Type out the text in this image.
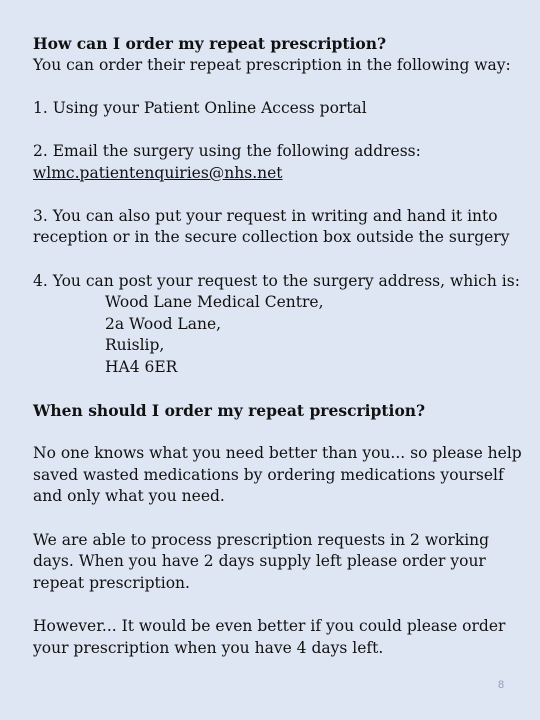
How can I order my repeat prescription?
You can order their repeat prescription in the following way:
1. Using your Patient Online Access portal
2. Email the surgery using the following address:
wlmc.patientenquiries@nhs.net
3. You can also put your request in writing and hand it into
reception or in the secure collection box outside the surgery
4. You can post your request to the surgery address, which is:
Wood Lane Medical Centre,
2a Wood Lane,
Ruislip,
HA4 6ER
When should I order my repeat prescription?
No one knows what you need better than you... so please help
saved wasted medications by ordering medications yourself
and only what you need.
We are able to process prescription requests in 2 working
days. When you have 2 days supply left please order your
repeat prescription.
However... It would be even better if you could please order
your prescription when you have 4 days left.
8
